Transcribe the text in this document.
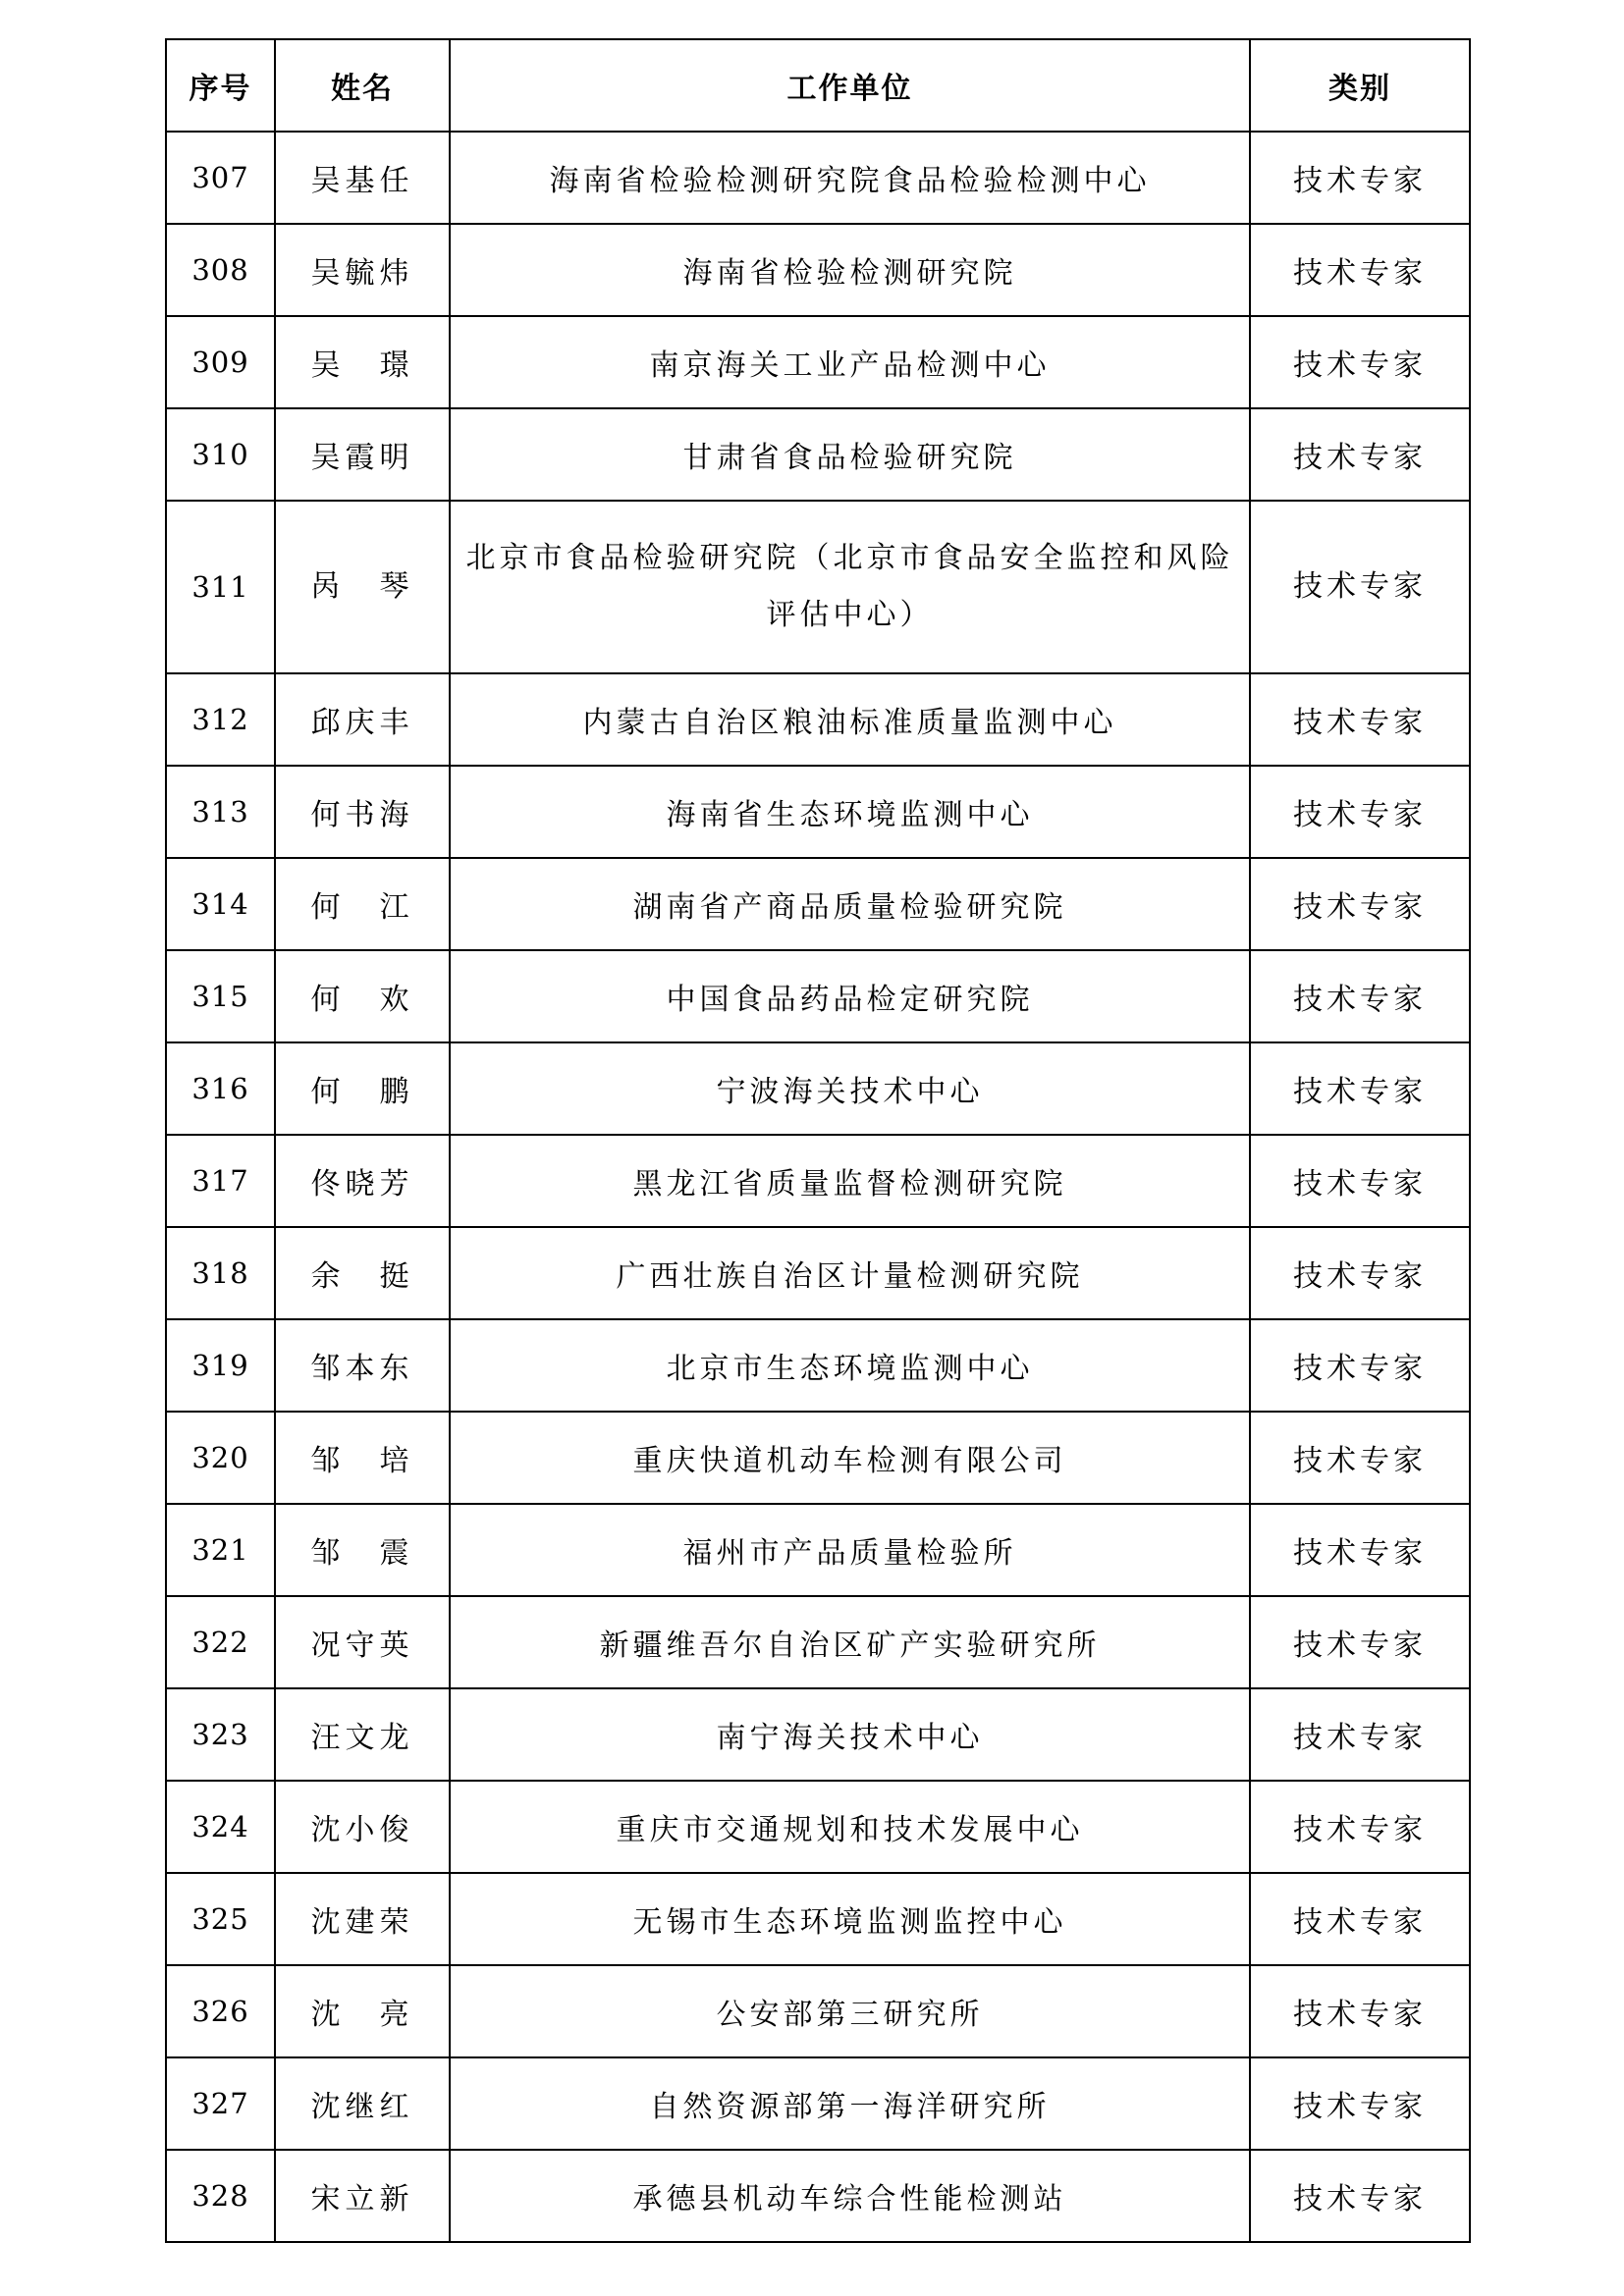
序号	姓名	工作单位	类别
307	吴基任	海南省检验检测研究院食品检验检测中心	技术专家
308	吴毓炜	海南省检验检测研究院	技术专家
309	吴　璟	南京海关工业产品检测中心	技术专家
310	吴霞明	甘肃省食品检验研究院	技术专家
311	呙　琴	北京市食品检验研究院（北京市食品安全监控和风险评估中心）	技术专家
312	邱庆丰	内蒙古自治区粮油标准质量监测中心	技术专家
313	何书海	海南省生态环境监测中心	技术专家
314	何　江	湖南省产商品质量检验研究院	技术专家
315	何　欢	中国食品药品检定研究院	技术专家
316	何　鹏	宁波海关技术中心	技术专家
317	佟晓芳	黑龙江省质量监督检测研究院	技术专家
318	余　挺	广西壮族自治区计量检测研究院	技术专家
319	邹本东	北京市生态环境监测中心	技术专家
320	邹　培	重庆快道机动车检测有限公司	技术专家
321	邹　震	福州市产品质量检验所	技术专家
322	况守英	新疆维吾尔自治区矿产实验研究所	技术专家
323	汪文龙	南宁海关技术中心	技术专家
324	沈小俊	重庆市交通规划和技术发展中心	技术专家
325	沈建荣	无锡市生态环境监测监控中心	技术专家
326	沈　亮	公安部第三研究所	技术专家
327	沈继红	自然资源部第一海洋研究所	技术专家
328	宋立新	承德县机动车综合性能检测站	技术专家
